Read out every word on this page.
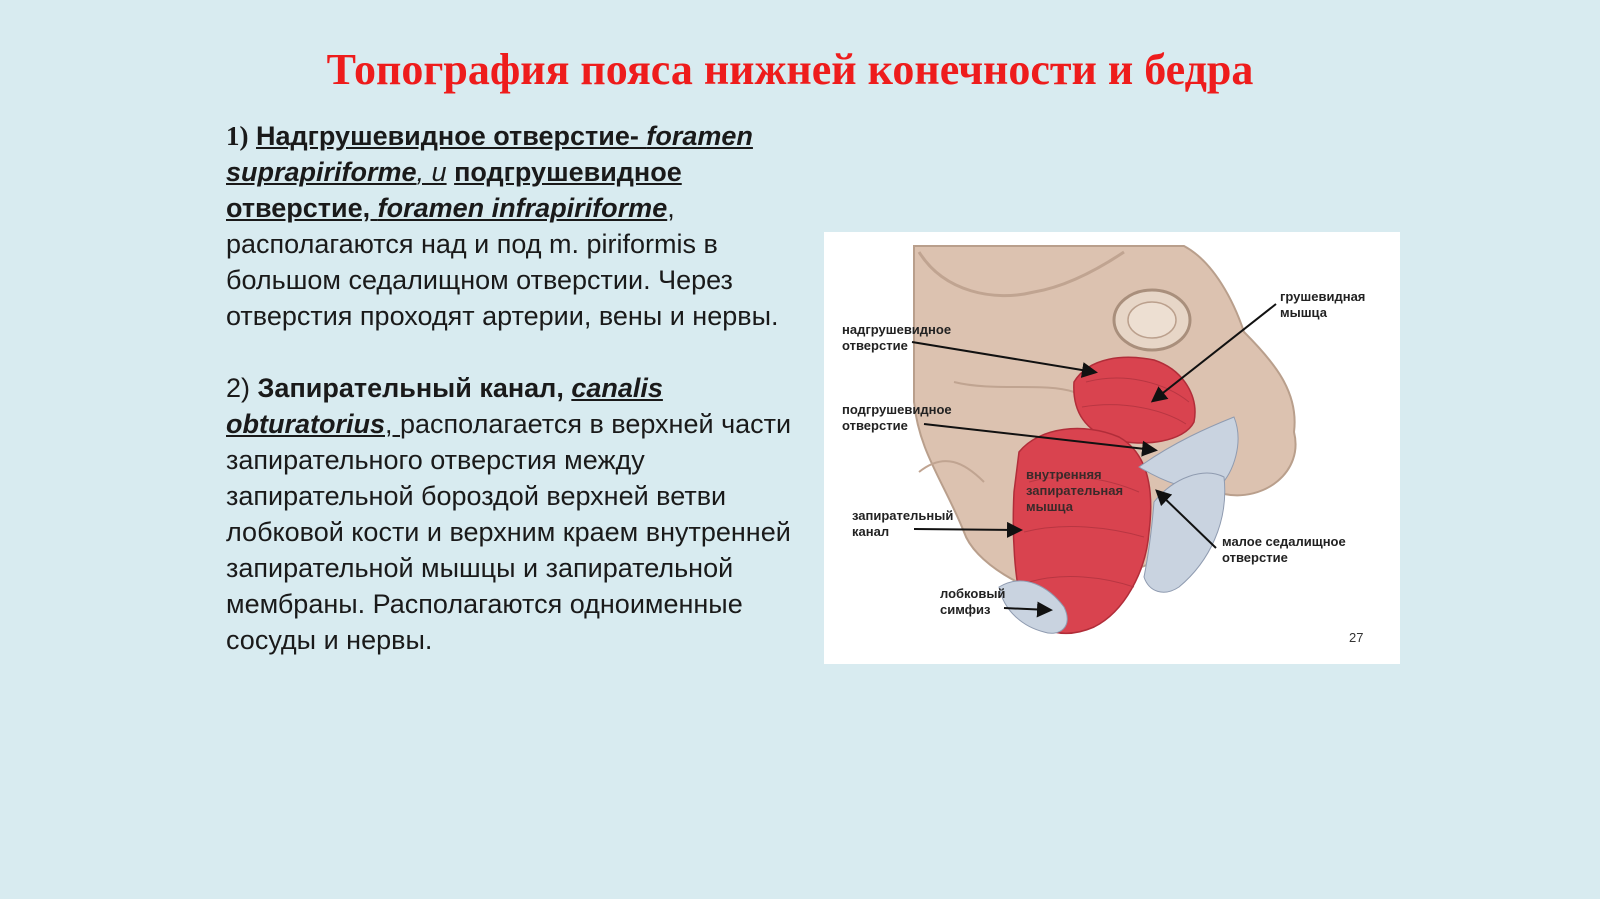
Топография пояса нижней конечности и бедра

1) Надгрушевидное отверстие- foramen suprapiriforme, и подгрушевидное отверстие, foramen infrapiriforme, располагаются над и под m. piriformis в большом седалищном отверстии. Через отверстия проходят артерии, вены и нервы.

2) Запирательный канал, canalis obturatorius, располагается в верхней части запирательного отверстия между запирательной бороздой верхней ветви лобковой кости и верхним краем внутренней запирательной мышцы и запирательной мембраны. Располагаются одноименные сосуды и нервы.

надгрушевидное
отверстие
подгрушевидное
отверстие
запирательный
канал
лобковый
симфиз
грушевидная
мышца
внутренняя
запирательная
мышца
малое седалищное
отверстие
27
